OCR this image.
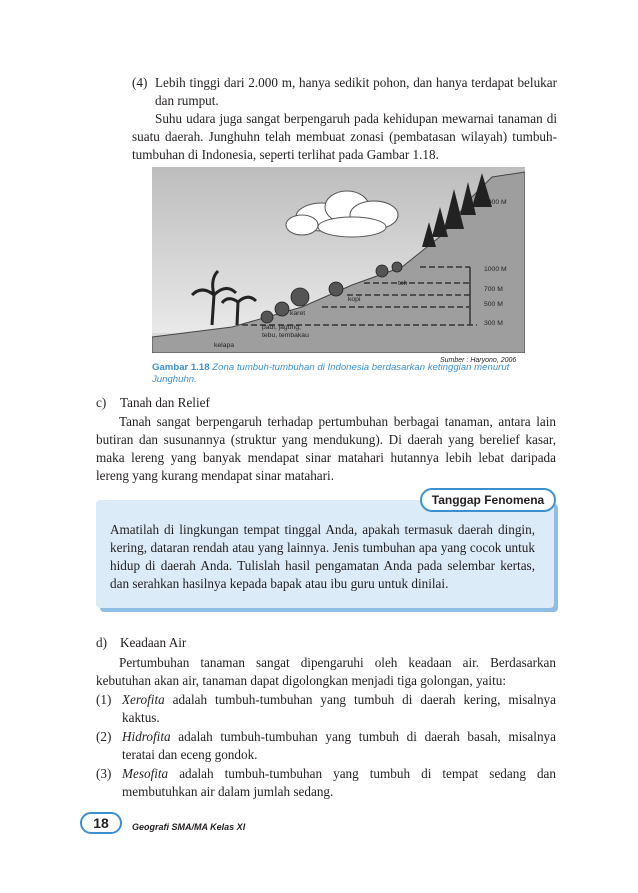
(4) Lebih tinggi dari 2.000 m, hanya sedikit pohon, dan hanya terdapat belukar dan rumput.
Suhu udara juga sangat berpengaruh pada kehidupan mewarnai tanaman di suatu daerah. Junghuhn telah membuat zonasi (pembatasan wilayah) tumbuh-tumbuhan di Indonesia, seperti terlihat pada Gambar 1.18.
2000 M
1000 M
700 M
500 M
300 M
teh
kopi
karet
padi, jagung,
tebu, tembakau
kelapa
Sumber : Haryono, 2006
Gambar 1.18 Zona tumbuh-tumbuhan di Indonesia berdasarkan ketinggian menurut Junghuhn.
c) Tanah dan Relief
Tanah sangat berpengaruh terhadap pertumbuhan berbagai tanaman, antara lain butiran dan susunannya (struktur yang mendukung). Di daerah yang berelief kasar, maka lereng yang banyak mendapat sinar matahari hutannya lebih lebat daripada lereng yang kurang mendapat sinar matahari.
Tanggap Fenomena
Amatilah di lingkungan tempat tinggal Anda, apakah termasuk daerah dingin, kering, dataran rendah atau yang lainnya. Jenis tumbuhan apa yang cocok untuk hidup di daerah Anda. Tulislah hasil pengamatan Anda pada selembar kertas, dan serahkan hasilnya kepada bapak atau ibu guru untuk dinilai.
d) Keadaan Air
Pertumbuhan tanaman sangat dipengaruhi oleh keadaan air. Berdasarkan kebutuhan akan air, tanaman dapat digolongkan menjadi tiga golongan, yaitu:
(1) Xerofita adalah tumbuh-tumbuhan yang tumbuh di daerah kering, misalnya kaktus.
(2) Hidrofita adalah tumbuh-tumbuhan yang tumbuh di daerah basah, misalnya teratai dan eceng gondok.
(3) Mesofita adalah tumbuh-tumbuhan yang tumbuh di tempat sedang dan membutuhkan air dalam jumlah sedang.
18	Geografi SMA/MA Kelas XI
